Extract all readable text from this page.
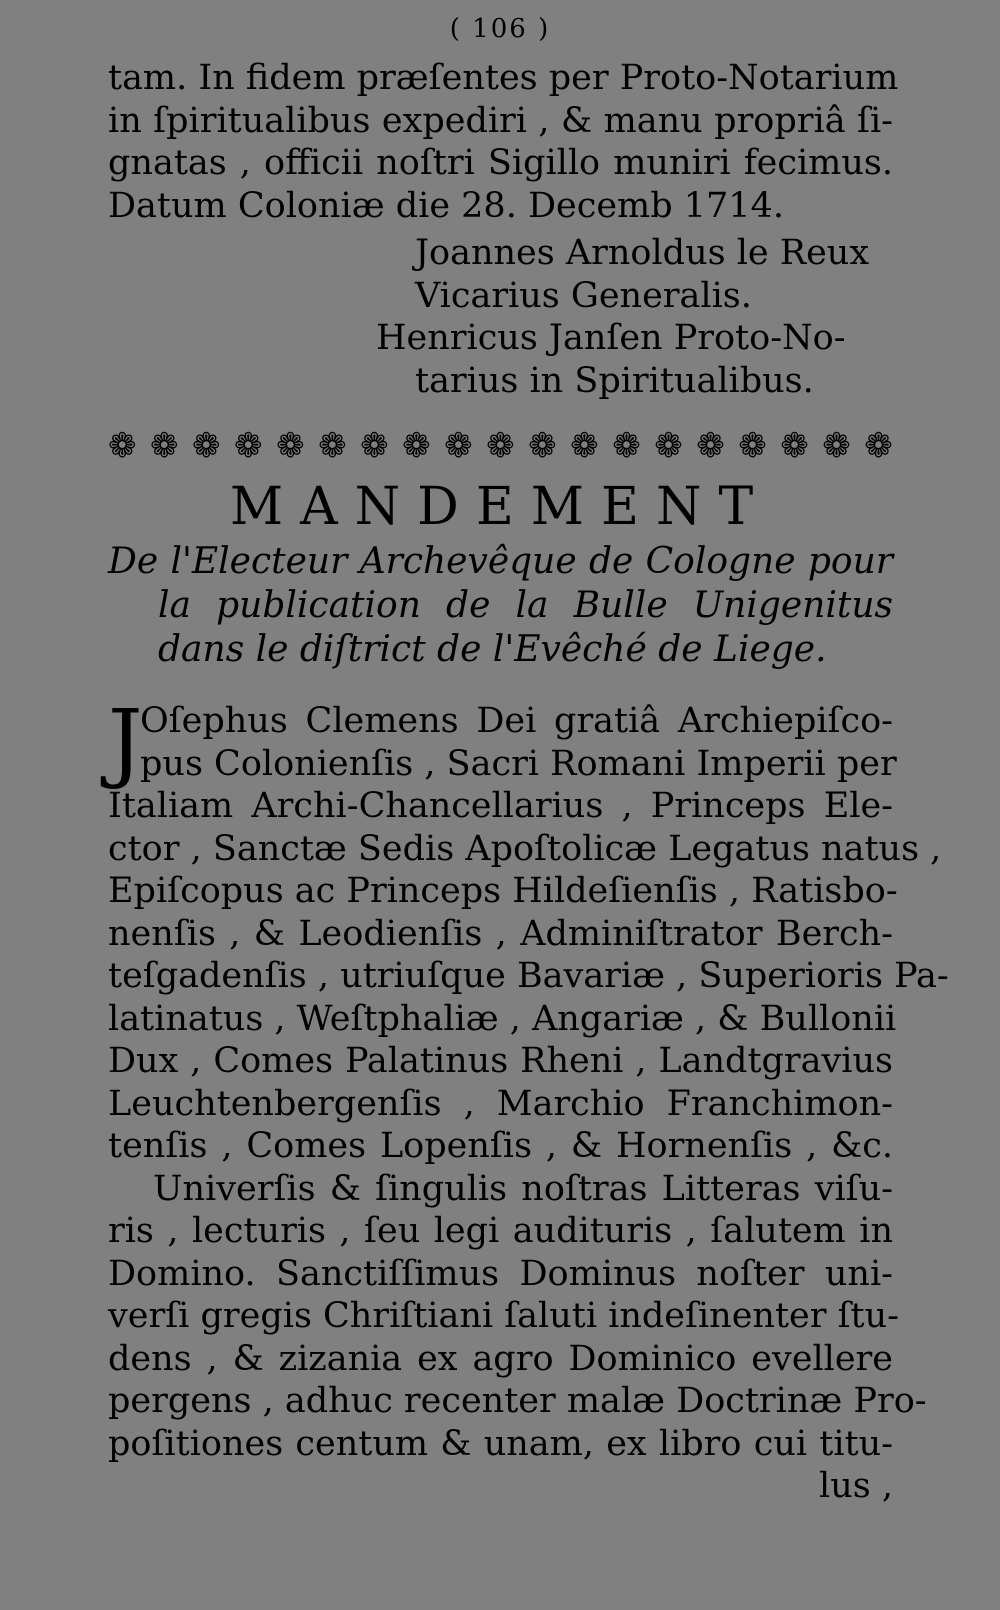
( 106 )
tam. In fidem præſentes per Proto-Notarium
in ſpiritualibus expediri , & manu propriâ ſi-
gnatas , officii noſtri Sigillo muniri fecimus.
Datum Coloniæ die 28. Decemb 1714.
Joannes Arnoldus le Reux
Vicarius Generalis.
Henricus Janſen Proto-No-
tarius in Spiritualibus.
❁ ❁ ❁ ❁ ❁ ❁ ❁ ❁ ❁ ❁ ❁ ❁ ❁ ❁ ❁ ❁ ❁ ❁ ❁
MANDEMENT
De l'Electeur Archevêque de Cologne pour
la publication de la Bulle Unigenitus
dans le diſtrict de l'Evêché de Liege.
J
Oſephus Clemens Dei gratiâ Archiepiſco-
pus Colonienſis , Sacri Romani Imperii per
Italiam Archi-Chancellarius , Princeps Ele-
ctor , Sanctæ Sedis Apoſtolicæ Legatus natus ,
Epiſcopus ac Princeps Hildeſienſis , Ratisbo-
nenſis , & Leodienſis , Adminiſtrator Berch-
teſgadenſis , utriuſque Bavariæ , Superioris Pa-
latinatus , Weſtphaliæ , Angariæ , & Bullonii
Dux , Comes Palatinus Rheni , Landtgravius
Leuchtenbergenſis , Marchio Franchimon-
tenſis , Comes Lopenſis , & Hornenſis , &c.
Univerſis & ſingulis noſtras Litteras viſu-
ris , lecturis , ſeu legi audituris , ſalutem in
Domino. Sanctiſſimus Dominus noſter uni-
verſi gregis Chriſtiani ſaluti indeſinenter ſtu-
dens , & zizania ex agro Dominico evellere
pergens , adhuc recenter malæ Doctrinæ Pro-
poſitiones centum & unam, ex libro cui titu-
lus ,
